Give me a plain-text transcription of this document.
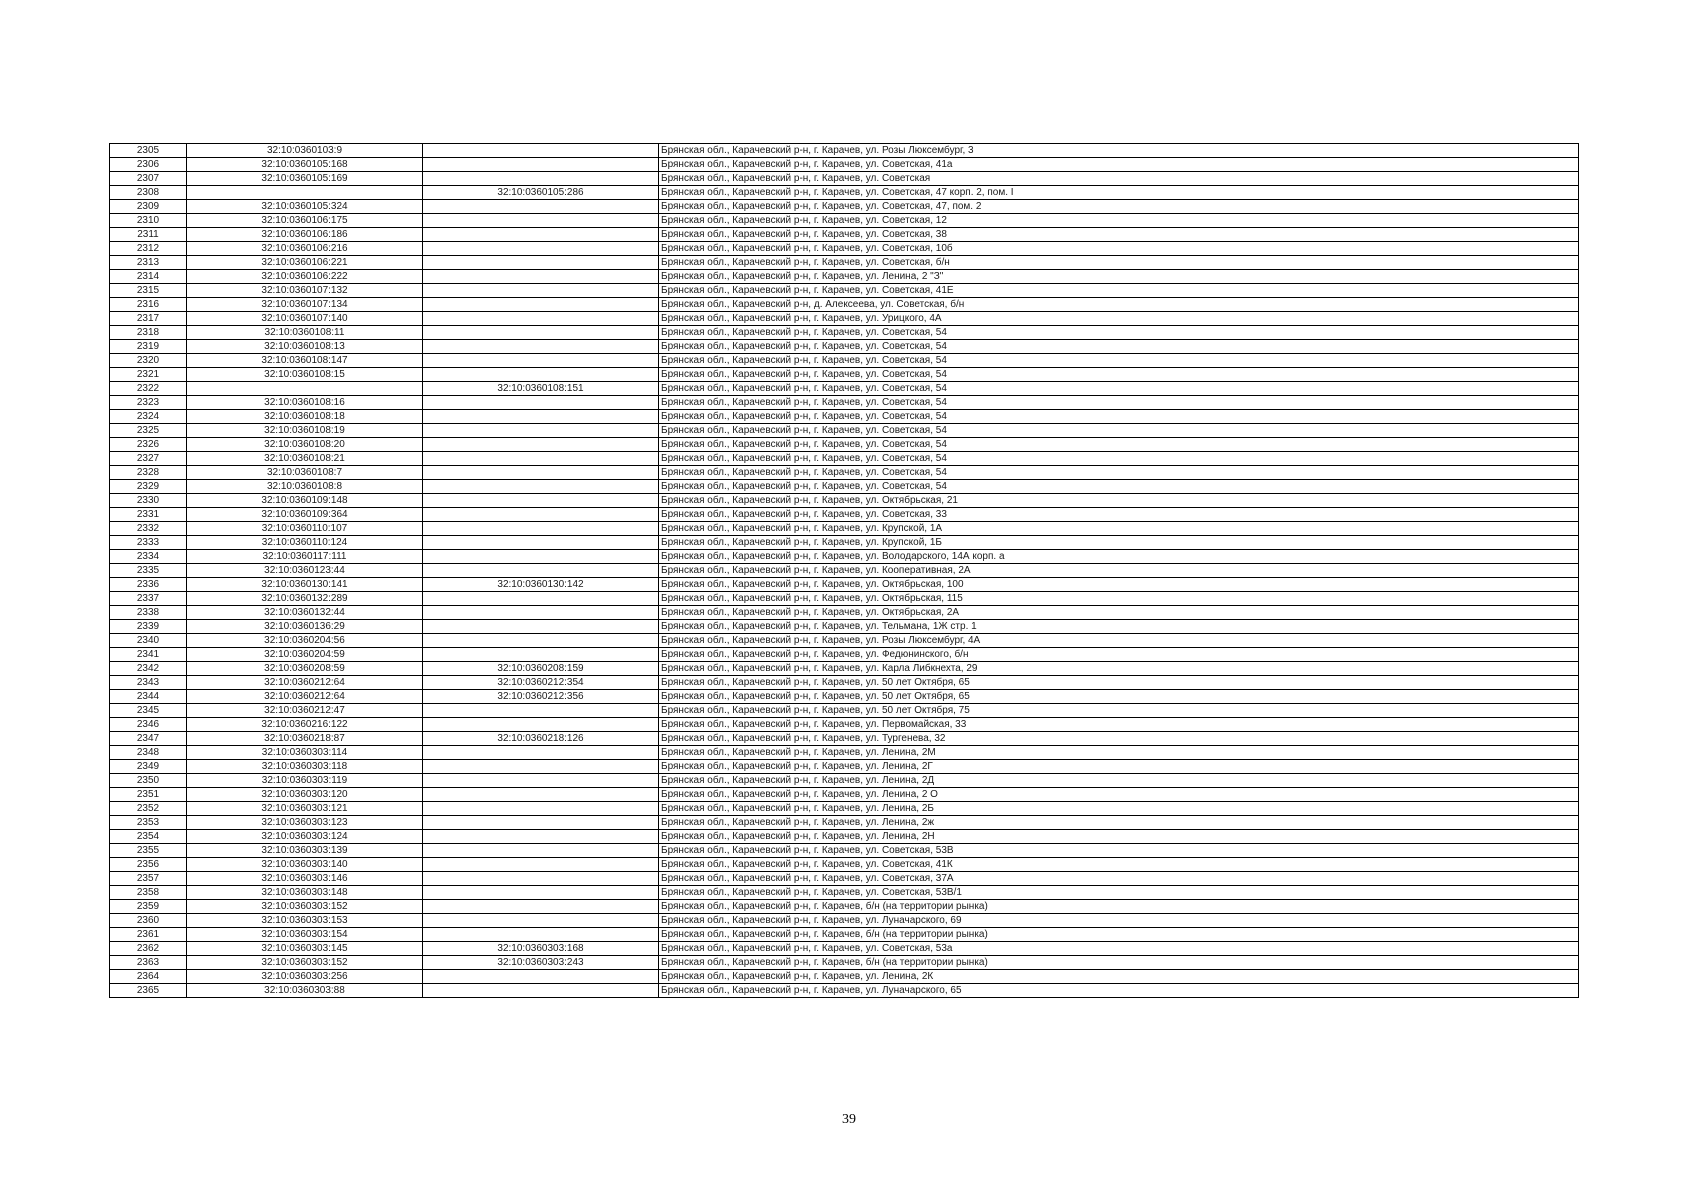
2305	32:10:0360103:9		Брянская обл., Карачевский р-н, г. Карачев, ул. Розы Люксембург, 3
2306	32:10:0360105:168		Брянская обл., Карачевский р-н, г. Карачев, ул. Советская, 41а
2307	32:10:0360105:169		Брянская обл., Карачевский р-н, г. Карачев, ул. Советская
2308		32:10:0360105:286	Брянская обл., Карачевский р-н, г. Карачев, ул. Советская, 47 корп. 2, пом. I
2309	32:10:0360105:324		Брянская обл., Карачевский р-н, г. Карачев, ул. Советская, 47, пом. 2
2310	32:10:0360106:175		Брянская обл., Карачевский р-н, г. Карачев, ул. Советская, 12
2311	32:10:0360106:186		Брянская обл., Карачевский р-н, г. Карачев, ул. Советская, 38
2312	32:10:0360106:216		Брянская обл., Карачевский р-н, г. Карачев, ул. Советская, 10б
2313	32:10:0360106:221		Брянская обл., Карачевский р-н, г. Карачев, ул. Советская, б/н
2314	32:10:0360106:222		Брянская обл., Карачевский р-н, г. Карачев, ул. Ленина, 2 "З"
2315	32:10:0360107:132		Брянская обл., Карачевский р-н, г. Карачев, ул. Советская, 41Е
2316	32:10:0360107:134		Брянская обл., Карачевский р-н, д. Алексеева, ул. Советская, б/н
2317	32:10:0360107:140		Брянская обл., Карачевский р-н, г. Карачев, ул. Урицкого, 4А
2318	32:10:0360108:11		Брянская обл., Карачевский р-н, г. Карачев, ул. Советская, 54
2319	32:10:0360108:13		Брянская обл., Карачевский р-н, г. Карачев, ул. Советская, 54
2320	32:10:0360108:147		Брянская обл., Карачевский р-н, г. Карачев, ул. Советская, 54
2321	32:10:0360108:15		Брянская обл., Карачевский р-н, г. Карачев, ул. Советская, 54
2322		32:10:0360108:151	Брянская обл., Карачевский р-н, г. Карачев, ул. Советская, 54
2323	32:10:0360108:16		Брянская обл., Карачевский р-н, г. Карачев, ул. Советская, 54
2324	32:10:0360108:18		Брянская обл., Карачевский р-н, г. Карачев, ул. Советская, 54
2325	32:10:0360108:19		Брянская обл., Карачевский р-н, г. Карачев, ул. Советская, 54
2326	32:10:0360108:20		Брянская обл., Карачевский р-н, г. Карачев, ул. Советская, 54
2327	32:10:0360108:21		Брянская обл., Карачевский р-н, г. Карачев, ул. Советская, 54
2328	32:10:0360108:7		Брянская обл., Карачевский р-н, г. Карачев, ул. Советская, 54
2329	32:10:0360108:8		Брянская обл., Карачевский р-н, г. Карачев, ул. Советская, 54
2330	32:10:0360109:148		Брянская обл., Карачевский р-н, г. Карачев, ул. Октябрьская, 21
2331	32:10:0360109:364		Брянская обл., Карачевский р-н, г. Карачев, ул. Советская, 33
2332	32:10:0360110:107		Брянская обл., Карачевский р-н, г. Карачев, ул. Крупской, 1А
2333	32:10:0360110:124		Брянская обл., Карачевский р-н, г. Карачев, ул. Крупской, 1Б
2334	32:10:0360117:111		Брянская обл., Карачевский р-н, г. Карачев, ул. Володарского, 14А корп. а
2335	32:10:0360123:44		Брянская обл., Карачевский р-н, г. Карачев, ул. Кооперативная, 2А
2336	32:10:0360130:141	32:10:0360130:142	Брянская обл., Карачевский р-н, г. Карачев, ул. Октябрьская, 100
2337	32:10:0360132:289		Брянская обл., Карачевский р-н, г. Карачев, ул. Октябрьская, 115
2338	32:10:0360132:44		Брянская обл., Карачевский р-н, г. Карачев, ул. Октябрьская, 2А
2339	32:10:0360136:29		Брянская обл., Карачевский р-н, г. Карачев, ул. Тельмана, 1Ж стр. 1
2340	32:10:0360204:56		Брянская обл., Карачевский р-н, г. Карачев, ул. Розы Люксембург, 4А
2341	32:10:0360204:59		Брянская обл., Карачевский р-н, г. Карачев, ул. Федюнинского, б/н
2342	32:10:0360208:59	32:10:0360208:159	Брянская обл., Карачевский р-н, г. Карачев, ул. Карла Либкнехта, 29
2343	32:10:0360212:64	32:10:0360212:354	Брянская обл., Карачевский р-н, г. Карачев, ул. 50 лет Октября, 65
2344	32:10:0360212:64	32:10:0360212:356	Брянская обл., Карачевский р-н, г. Карачев, ул. 50 лет Октября, 65
2345	32:10:0360212:47		Брянская обл., Карачевский р-н, г. Карачев, ул. 50 лет Октября, 75
2346	32:10:0360216:122		Брянская обл., Карачевский р-н, г. Карачев, ул. Первомайская, 33
2347	32:10:0360218:87	32:10:0360218:126	Брянская обл., Карачевский р-н, г. Карачев, ул. Тургенева, 32
2348	32:10:0360303:114		Брянская обл., Карачевский р-н, г. Карачев, ул. Ленина, 2М
2349	32:10:0360303:118		Брянская обл., Карачевский р-н, г. Карачев, ул. Ленина, 2Г
2350	32:10:0360303:119		Брянская обл., Карачевский р-н, г. Карачев, ул. Ленина, 2Д
2351	32:10:0360303:120		Брянская обл., Карачевский р-н, г. Карачев, ул. Ленина, 2 О
2352	32:10:0360303:121		Брянская обл., Карачевский р-н, г. Карачев, ул. Ленина, 2Б
2353	32:10:0360303:123		Брянская обл., Карачевский р-н, г. Карачев, ул. Ленина, 2ж
2354	32:10:0360303:124		Брянская обл., Карачевский р-н, г. Карачев, ул. Ленина, 2Н
2355	32:10:0360303:139		Брянская обл., Карачевский р-н, г. Карачев, ул. Советская, 53В
2356	32:10:0360303:140		Брянская обл., Карачевский р-н, г. Карачев, ул. Советская, 41К
2357	32:10:0360303:146		Брянская обл., Карачевский р-н, г. Карачев, ул. Советская, 37А
2358	32:10:0360303:148		Брянская обл., Карачевский р-н, г. Карачев, ул. Советская, 53В/1
2359	32:10:0360303:152		Брянская обл., Карачевский р-н, г. Карачев, б/н (на территории рынка)
2360	32:10:0360303:153		Брянская обл., Карачевский р-н, г. Карачев, ул. Луначарского, 69
2361	32:10:0360303:154		Брянская обл., Карачевский р-н, г. Карачев, б/н (на территории рынка)
2362	32:10:0360303:145	32:10:0360303:168	Брянская обл., Карачевский р-н, г. Карачев, ул. Советская, 53а
2363	32:10:0360303:152	32:10:0360303:243	Брянская обл., Карачевский р-н, г. Карачев, б/н (на территории рынка)
2364	32:10:0360303:256		Брянская обл., Карачевский р-н, г. Карачев, ул. Ленина, 2К
2365	32:10:0360303:88		Брянская обл., Карачевский р-н, г. Карачев, ул. Луначарского, 65
39
